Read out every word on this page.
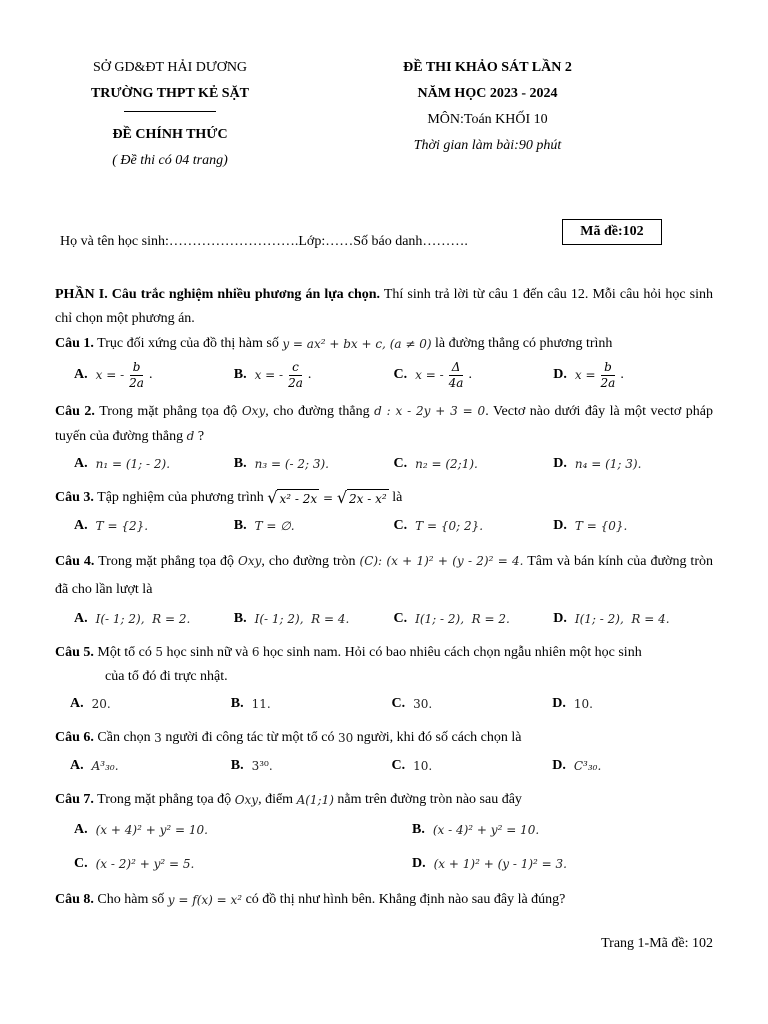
SỞ GD&ĐT HẢI DƯƠNG
TRƯỜNG THPT KẺ SẶT
ĐỀ CHÍNH THỨC
( Đề thi có 04 trang)
ĐỀ THI KHẢO SÁT LẦN 2
NĂM HỌC 2023 - 2024
MÔN:Toán KHỐI 10
Thời gian làm bài:90 phút
Mã đề:102
Họ và tên học sinh:……………………….Lớp:……Số báo danh……….

PHẦN I. Câu trắc nghiệm nhiều phương án lựa chọn. Thí sinh trả lời từ câu 1 đến câu 12. Mỗi câu hỏi học sinh chỉ chọn một phương án.

Câu 1. Trục đối xứng của đồ thị hàm số y = ax² + bx + c, (a ≠ 0) là đường thẳng có phương trình
A. x = - $\frac{b}{2a}$ .	B. x = - $\frac{c}{2a}$ .	C. x = - $\frac{\Delta}{4a}$ .	D. $x = \frac{b}{2a}$ .

Câu 2. Trong mặt phẳng tọa độ Oxy, cho đường thẳng d : x - 2y + 3 = 0. Vectơ nào dưới đây là một vectơ pháp tuyến của đường thẳng d ?

A. n₁ = (1; - 2).	B. n₃ = (- 2; 3).	C. n₂ = (2;1).	D. n₄ = (1; 3).
Câu 3. Tập nghiệm của phương trình √ x² - 2x = √ 2x - x² là
A. T = {2}.	B. T = ∅.	C. T = {0; 2}.	D. T = {0}.

Câu 4. Trong mặt phẳng tọa độ Oxy, cho đường tròn (C): (x + 1)² + (y - 2)² = 4. Tâm và bán kính của đường tròn đã cho lần lượt là

A. I(- 1; 2),  R = 2.	B. I(- 1; 2),  R = 4.	C. I(1; - 2),  R = 2.	D. I(1; - 2),  R = 4.
Câu 5. Một tổ có 5 học sinh nữ và 6 học sinh nam. Hỏi có bao nhiêu cách chọn ngẫu nhiên một học sinh
của tổ đó đi trực nhật.
A. 20.	B. 11.	C. 30.	D. 10.
Câu 6. Cần chọn 3 người đi công tác từ một tổ có 30 người, khi đó số cách chọn là
A. A³₃₀.	B. 3³⁰.	C. 10.	D. C³₃₀.
Câu 7. Trong mặt phẳng tọa độ Oxy , điểm A(1;1) nằm trên đường tròn nào sau đây
A. (x + 4)² + y² = 10.	B. (x - 4)² + y² = 10.
C. (x - 2)² + y² = 5.	D. (x + 1)² + (y - 1)² = 3.
Câu 8. Cho hàm số y = f(x) = x² có đồ thị như hình bên. Khẳng định nào sau đây là đúng?
Trang 1-Mã đề: 102
